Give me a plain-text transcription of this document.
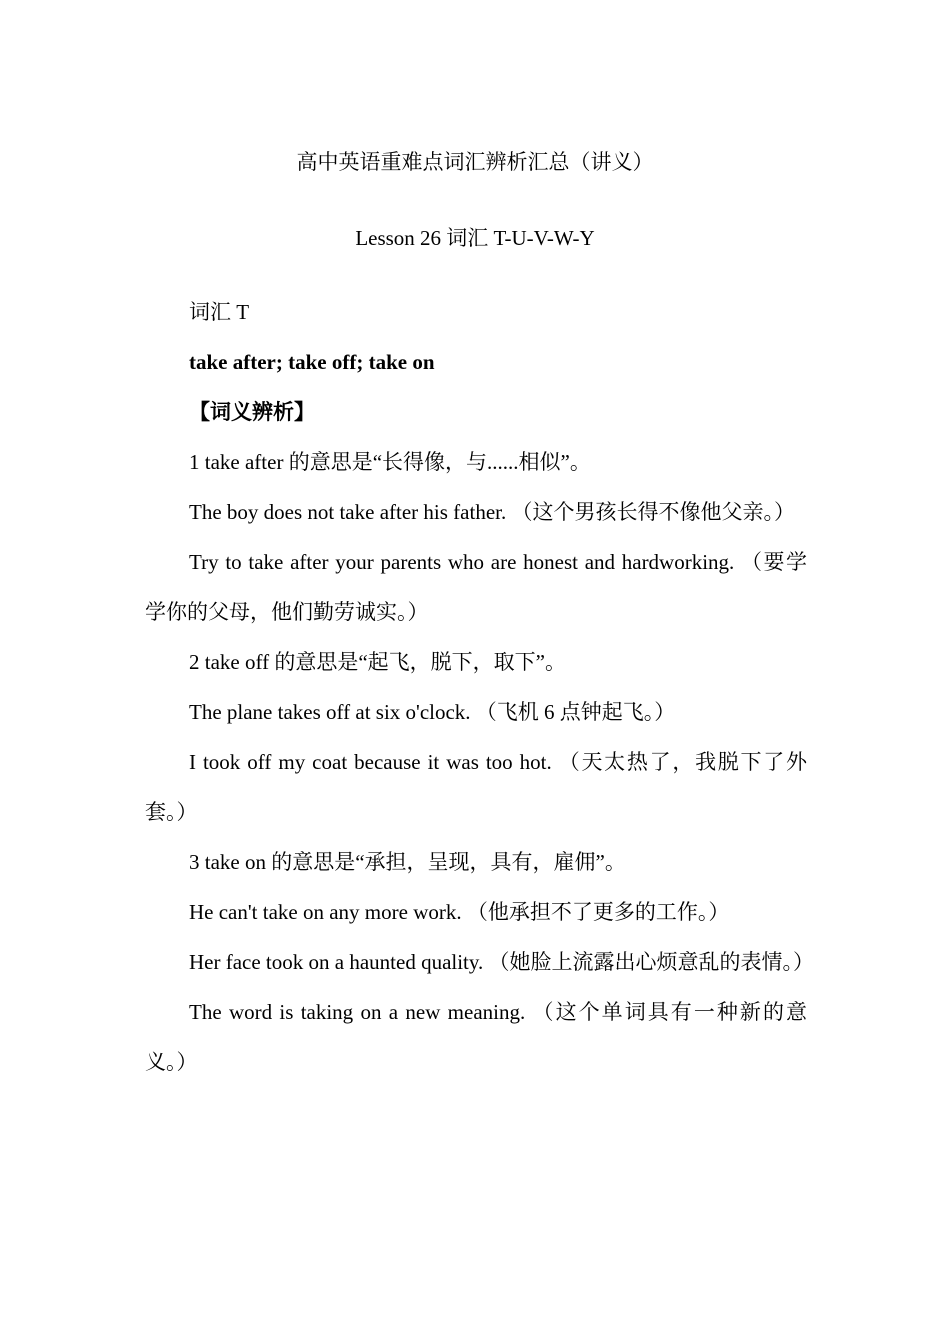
高中英语重难点词汇辨析汇总（讲义）
Lesson 26 词汇 T-U-V-W-Y

词汇 T

take after; take off; take on

【词义辨析】

1 take after 的意思是“长得像，与......相似”。

The boy does not take after his father. （这个男孩长得不像他父亲。）

Try to take after your parents who are honest and hardworking. （要学学你的父母，他们勤劳诚实。）

2 take off 的意思是“起飞，脱下，取下”。

The plane takes off at six o'clock. （飞机 6 点钟起飞。）

I took off my coat because it was too hot. （天太热了，我脱下了外套。）

3 take on 的意思是“承担，呈现，具有，雇佣”。

He can't take on any more work. （他承担不了更多的工作。）

Her face took on a haunted quality. （她脸上流露出心烦意乱的表情。）

The word is taking on a new meaning. （这个单词具有一种新的意义。）
